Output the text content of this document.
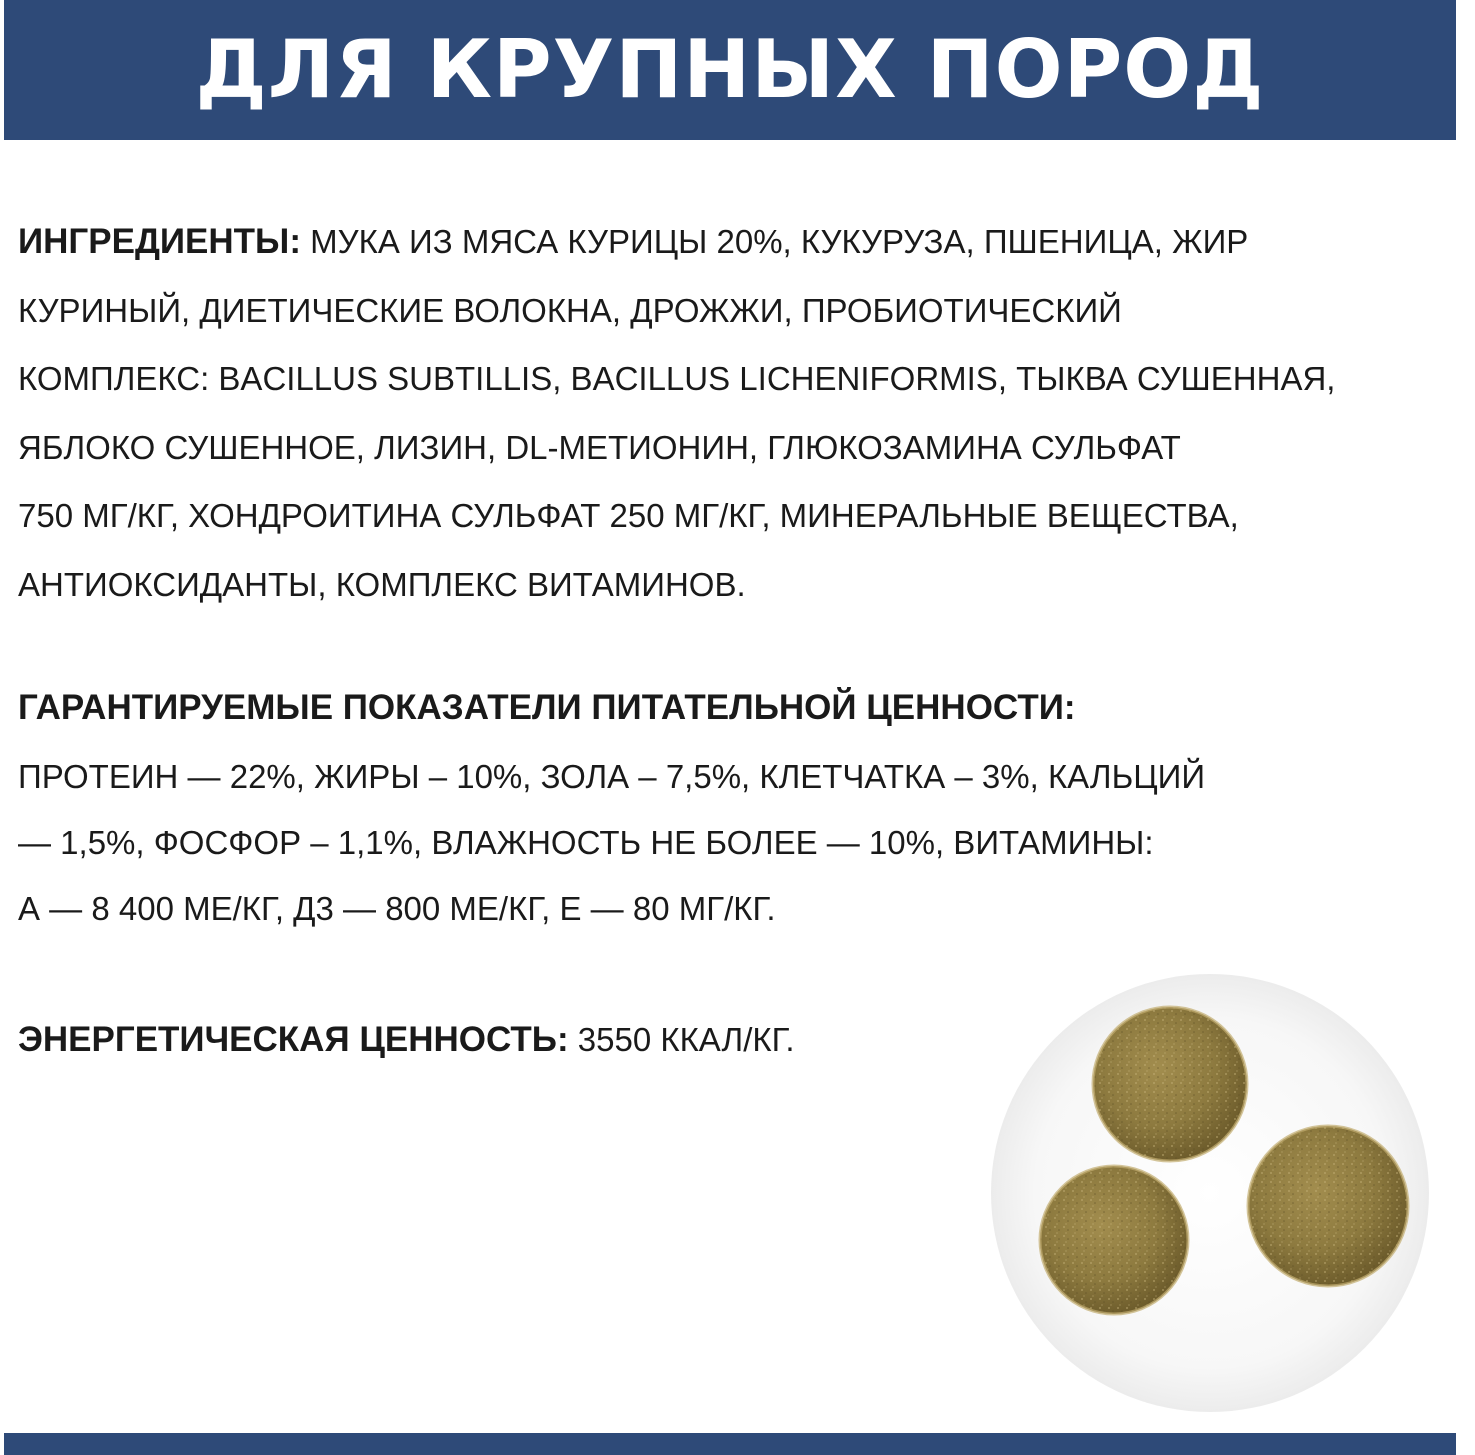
ДЛЯ КРУПНЫХ ПОРОД
ИНГРЕДИЕНТЫ: МУКА ИЗ МЯСА КУРИЦЫ 20%, КУКУРУЗА, ПШЕНИЦА, ЖИР
КУРИНЫЙ, ДИЕТИЧЕСКИЕ ВОЛОКНА, ДРОЖЖИ, ПРОБИОТИЧЕСКИЙ
КОМПЛЕКС: BACILLUS SUBTILLIS, BACILLUS LICHENIFORMIS, ТЫКВА СУШЕННАЯ,
ЯБЛОКО СУШЕННОЕ, ЛИЗИН, DL-МЕТИОНИН, ГЛЮКОЗАМИНА СУЛЬФАТ
750 МГ/КГ, ХОНДРОИТИНА СУЛЬФАТ 250 МГ/КГ, МИНЕРАЛЬНЫЕ ВЕЩЕСТВА,
АНТИОКСИДАНТЫ, КОМПЛЕКС ВИТАМИНОВ.
ГАРАНТИРУЕМЫЕ ПОКАЗАТЕЛИ ПИТАТЕЛЬНОЙ ЦЕННОСТИ:
ПРОТЕИН — 22%, ЖИРЫ – 10%, ЗОЛА – 7,5%, КЛЕТЧАТКА – 3%, КАЛЬЦИЙ
— 1,5%, ФОСФОР – 1,1%, ВЛАЖНОСТЬ НЕ БОЛЕЕ — 10%, ВИТАМИНЫ:
А — 8 400 МЕ/КГ, Д3 — 800 МЕ/КГ, Е — 80 МГ/КГ.
ЭНЕРГЕТИЧЕСКАЯ ЦЕННОСТЬ: 3550 ККАЛ/КГ.
